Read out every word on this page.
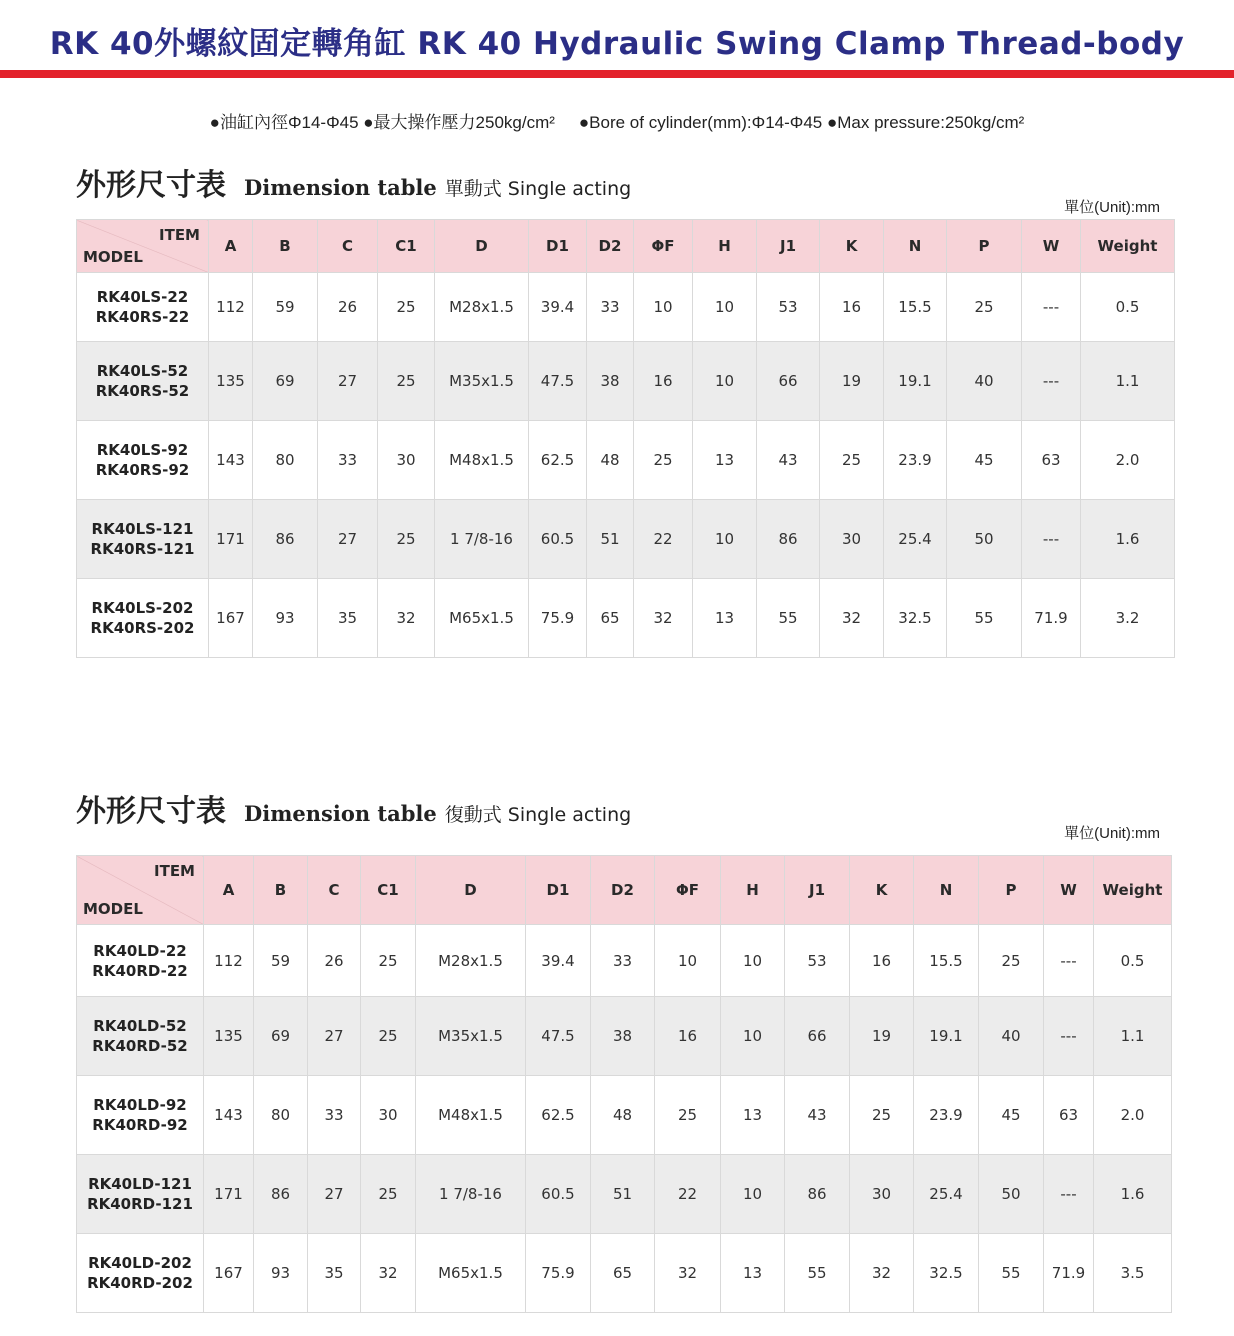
RK 40外螺紋固定轉角缸 RK 40 Hydraulic Swing Clamp Thread-body
●油缸內徑Φ14-Φ45 ●最大操作壓力250kg/cm² ●Bore of cylinder(mm):Φ14-Φ45 ●Max pressure:250kg/cm²
外形尺寸表 Dimension table 單動式 Single acting
單位(Unit):mm
ITEM
MODEL	A	B	C	C1	D	D1	D2	ΦF	H	J1	K	N	P	W	Weight

RK40LS-22
RK40RS-22	112	59	26	25	M28x1.5	39.4	33	10	10	53	16	15.5	25	---	0.5

RK40LS-52
RK40RS-52	135	69	27	25	M35x1.5	47.5	38	16	10	66	19	19.1	40	---	1.1

RK40LS-92
RK40RS-92	143	80	33	30	M48x1.5	62.5	48	25	13	43	25	23.9	45	63	2.0

RK40LS-121
RK40RS-121	171	86	27	25	1 7/8-16	60.5	51	22	10	86	30	25.4	50	---	1.6

RK40LS-202
RK40RS-202	167	93	35	32	M65x1.5	75.9	65	32	13	55	32	32.5	55	71.9	3.2
外形尺寸表 Dimension table 復動式 Single acting
單位(Unit):mm
ITEM
MODEL	A	B	C	C1	D	D1	D2	ΦF	H	J1	K	N	P	W	Weight

RK40LD-22
RK40RD-22	112	59	26	25	M28x1.5	39.4	33	10	10	53	16	15.5	25	---	0.5

RK40LD-52
RK40RD-52	135	69	27	25	M35x1.5	47.5	38	16	10	66	19	19.1	40	---	1.1

RK40LD-92
RK40RD-92	143	80	33	30	M48x1.5	62.5	48	25	13	43	25	23.9	45	63	2.0

RK40LD-121
RK40RD-121	171	86	27	25	1 7/8-16	60.5	51	22	10	86	30	25.4	50	---	1.6

RK40LD-202
RK40RD-202	167	93	35	32	M65x1.5	75.9	65	32	13	55	32	32.5	55	71.9	3.5
